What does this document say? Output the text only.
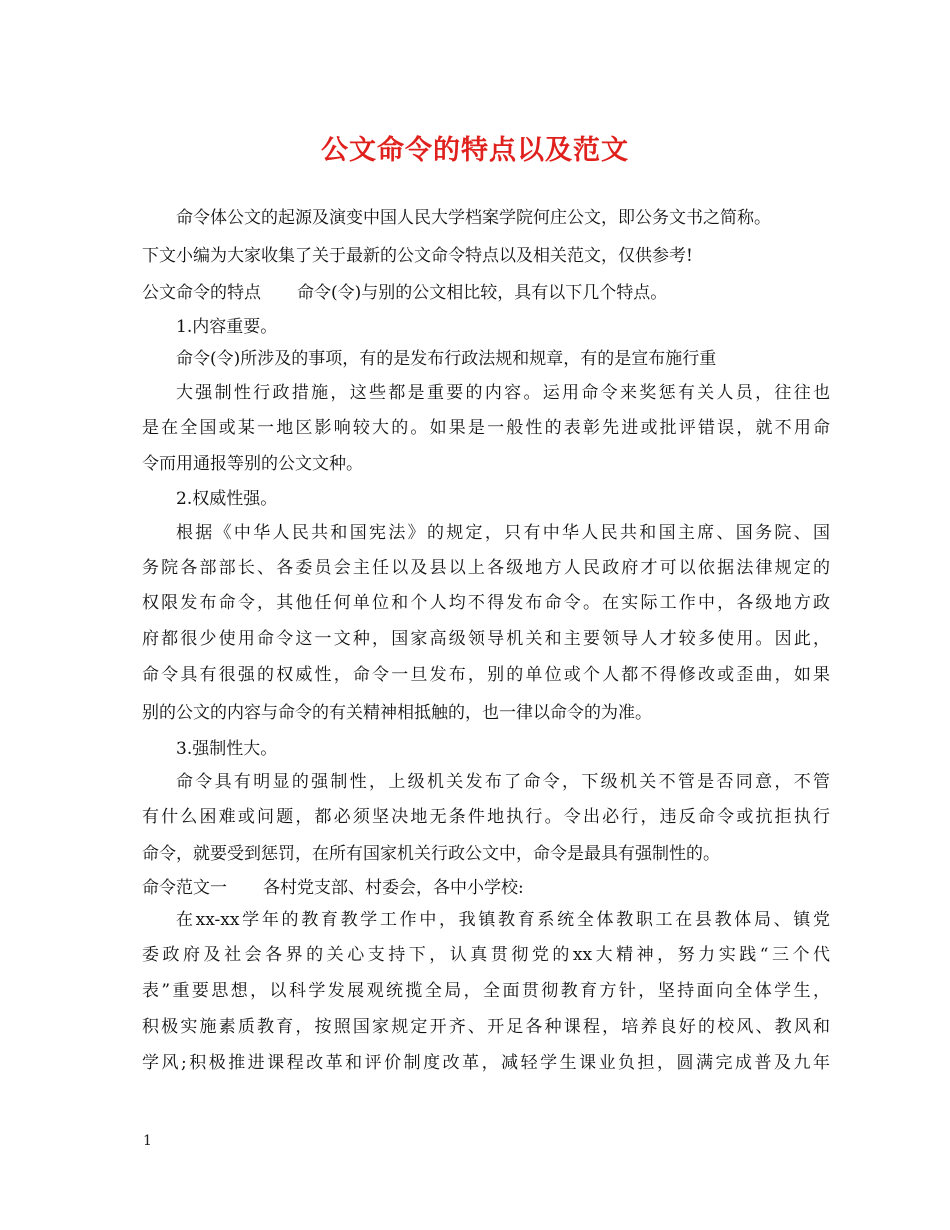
公文命令的特点以及范文
命令体公文的起源及演变中国人民大学档案学院何庄公文，即公务文书之简称。
下文小编为大家收集了关于最新的公文命令特点以及相关范文，仅供参考!
公文命令的特点 命令(令)与别的公文相比较，具有以下几个特点。
1.内容重要。
命令(令)所涉及的事项，有的是发布行政法规和规章，有的是宣布施行重
大强制性行政措施，这些都是重要的内容。运用命令来奖惩有关人员，往往也
是在全国或某一地区影响较大的。如果是一般性的表彰先进或批评错误，就不用命
令而用通报等别的公文文种。
2.权威性强。
根据《中华人民共和国宪法》的规定，只有中华人民共和国主席、国务院、国
务院各部部长、各委员会主任以及县以上各级地方人民政府才可以依据法律规定的
权限发布命令，其他任何单位和个人均不得发布命令。在实际工作中，各级地方政
府都很少使用命令这一文种，国家高级领导机关和主要领导人才较多使用。因此，
命令具有很强的权威性，命令一旦发布，别的单位或个人都不得修改或歪曲，如果
别的公文的内容与命令的有关精神相抵触的，也一律以命令的为准。
3.强制性大。
命令具有明显的强制性，上级机关发布了命令，下级机关不管是否同意，不管
有什么困难或问题，都必须坚决地无条件地执行。令出必行，违反命令或抗拒执行
命令，就要受到惩罚，在所有国家机关行政公文中，命令是最具有强制性的。
命令范文一 各村党支部、村委会，各中小学校:
在xx-xx学年的教育教学工作中，我镇教育系统全体教职工在县教体局、镇党
委政府及社会各界的关心支持下，认真贯彻党的xx大精神，努力实践“三个代
表”重要思想，以科学发展观统揽全局，全面贯彻教育方针，坚持面向全体学生，
积极实施素质教育，按照国家规定开齐、开足各种课程，培养良好的校风、教风和
学风;积极推进课程改革和评价制度改革，减轻学生课业负担，圆满完成普及九年
1
